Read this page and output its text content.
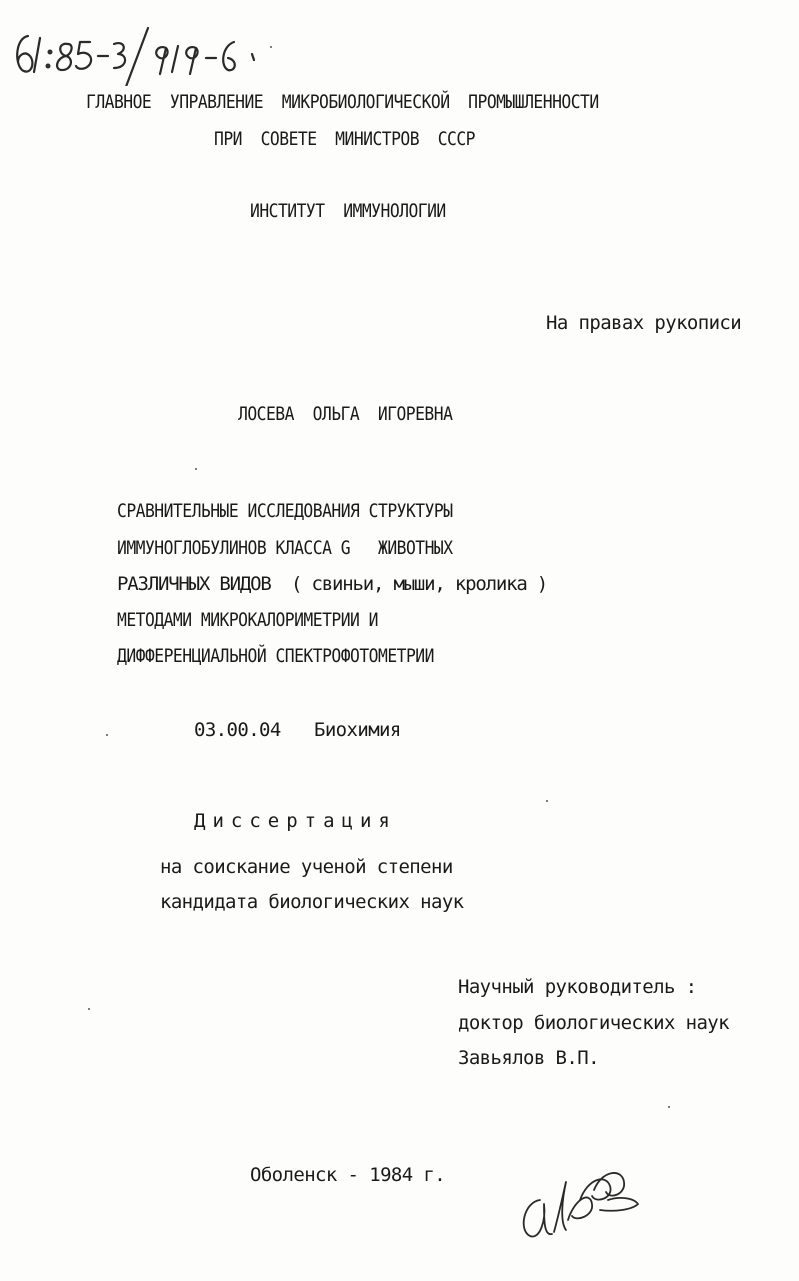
ГЛАВНОЕ  УПРАВЛЕНИЕ  МИКРОБИОЛОГИЧЕСКОЙ  ПРОМЫШЛЕННОСТИ
ПРИ  СОВЕТЕ  МИНИСТРОВ  СССР
ИНСТИТУТ  ИММУНОЛОГИИ
На правах рукописи
ЛОСЕВА  ОЛЬГА  ИГОРЕВНА
СРАВНИТЕЛЬНЫЕ ИССЛЕДОВАНИЯ СТРУКТУРЫ
ИММУНОГЛОБУЛИНОВ КЛАССА G   ЖИВОТНЫХ
РАЗЛИЧНЫХ ВИДОВ  ( свиньи, мыши, кролика )
МЕТОДАМИ МИКРОКАЛОРИМЕТРИИ И
ДИФФЕРЕНЦИАЛЬНОЙ СПЕКТРОФОТОМЕТРИИ
03.00.04 Биохимия
Диссертация
на соискание ученой степени
кандидата биологических наук
Научный руководитель :
доктор биологических наук
Завьялов В.П.
Оболенск - 1984 г.
